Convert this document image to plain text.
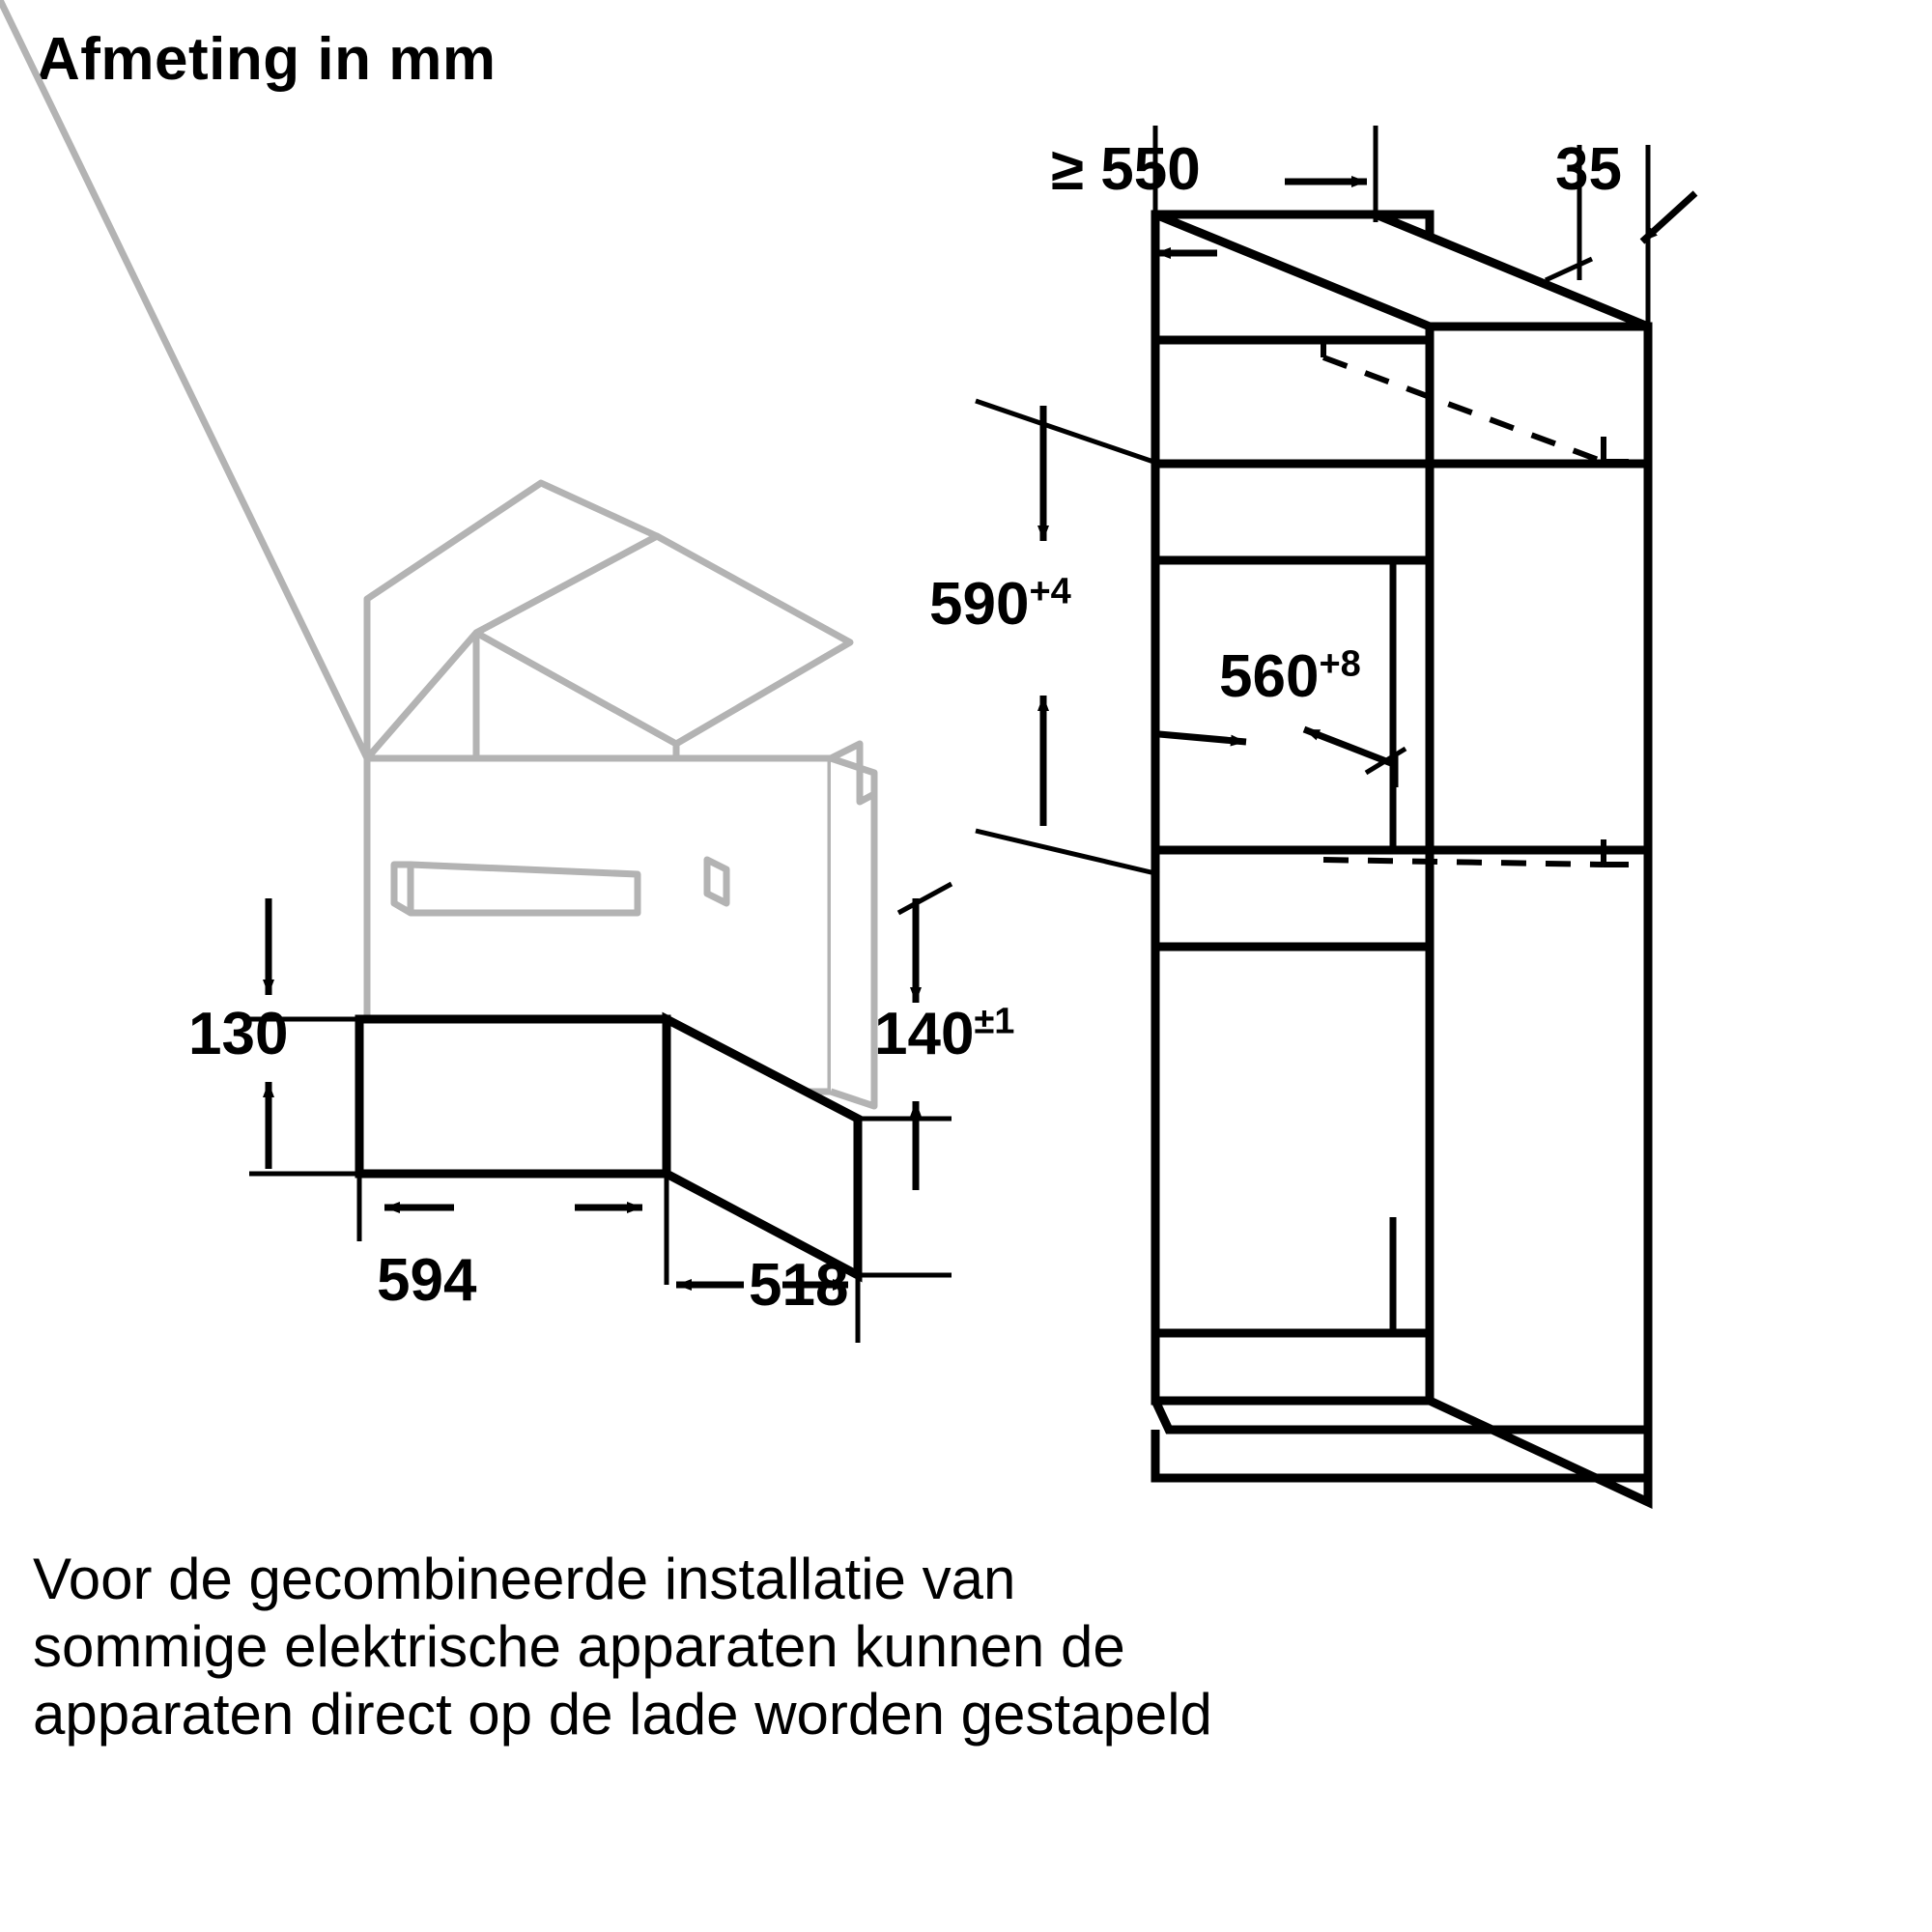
Afmeting in mm
130	$140^{\pm 1}$
594	518
≥ 550	35
$590^{+4}$
$560^{+8}$
Voor de gecombineerde installatie van
sommige elektrische apparaten kunnen de
apparaten direct op de lade worden gestapeld
